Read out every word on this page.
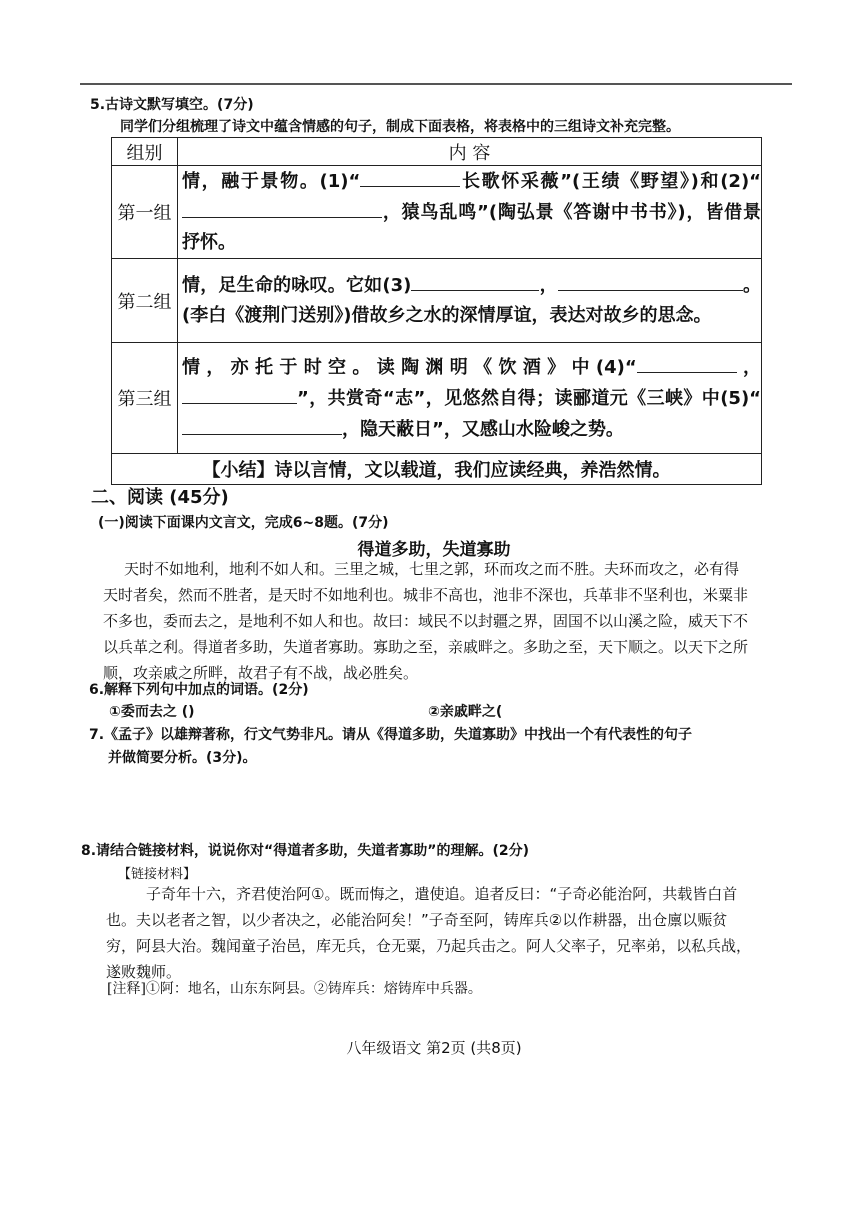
5.古诗文默写填空。(7分)
同学们分组梳理了诗文中蕴含情感的句子，制成下面表格，将表格中的三组诗文补充完整。
组别	内 容
第一组	情，融于景物。(1)“ 长歌怀采薇”(王绩《野望》)和(2)“，猿鸟乱鸣”(陶弘景《答谢中书书》)，皆借景抒怀。
第二组	情，足生命的咏叹。它如(3) ， 。(李白《渡荆门送别》)借故乡之水的深情厚谊，表达对故乡的思念。
第三组	情，亦托于时空。读陶渊明《饮酒》中(4)“ ，”，共赏奇“志”，见悠然自得；读郦道元《三峡》中(5)“，隐天蔽日”，又感山水险峻之势。
【小结】诗以言情，文以载道，我们应读经典，养浩然情。	
二、阅读 (45分)
(一)阅读下面课内文言文，完成6~8题。(7分)
得道多助，失道寡助
天时不如地利，地利不如人和。三里之城，七里之郭，环而攻之而不胜。夫环而攻之，必有得
天时者矣，然而不胜者，是天时不如地利也。城非不高也，池非不深也，兵革非不坚利也，米粟非
不多也，委而去之，是地利不如人和也。故曰：域民不以封疆之界，固国不以山溪之险，威天下不
以兵革之利。得道者多助，失道者寡助。寡助之至，亲戚畔之。多助之至，天下顺之。以天下之所
顺，攻亲戚之所畔，故君子有不战，战必胜矣。
6.解释下列句中加点的词语。(2分)
①委而去之 ()	②亲戚畔之(
7.《孟子》以雄辩著称，行文气势非凡。请从《得道多助，失道寡助》中找出一个有代表性的句子
并做简要分析。(3分)。
8.请结合链接材料，说说你对“得道者多助，失道者寡助”的理解。(2分)
【链接材料】
子奇年十六，齐君使治阿①。既而悔之，遣使追。追者反曰：“子奇必能治阿，共载皆白首
也。夫以老者之智，以少者决之，必能治阿矣！”子奇至阿，铸库兵②以作耕器，出仓廪以赈贫
穷，阿县大治。魏闻童子治邑，库无兵，仓无粟，乃起兵击之。阿人父率子，兄率弟，以私兵战，
遂败魏师。
[注释]①阿：地名，山东东阿县。②铸库兵：熔铸库中兵器。
八年级语文 第2页 (共8页)
